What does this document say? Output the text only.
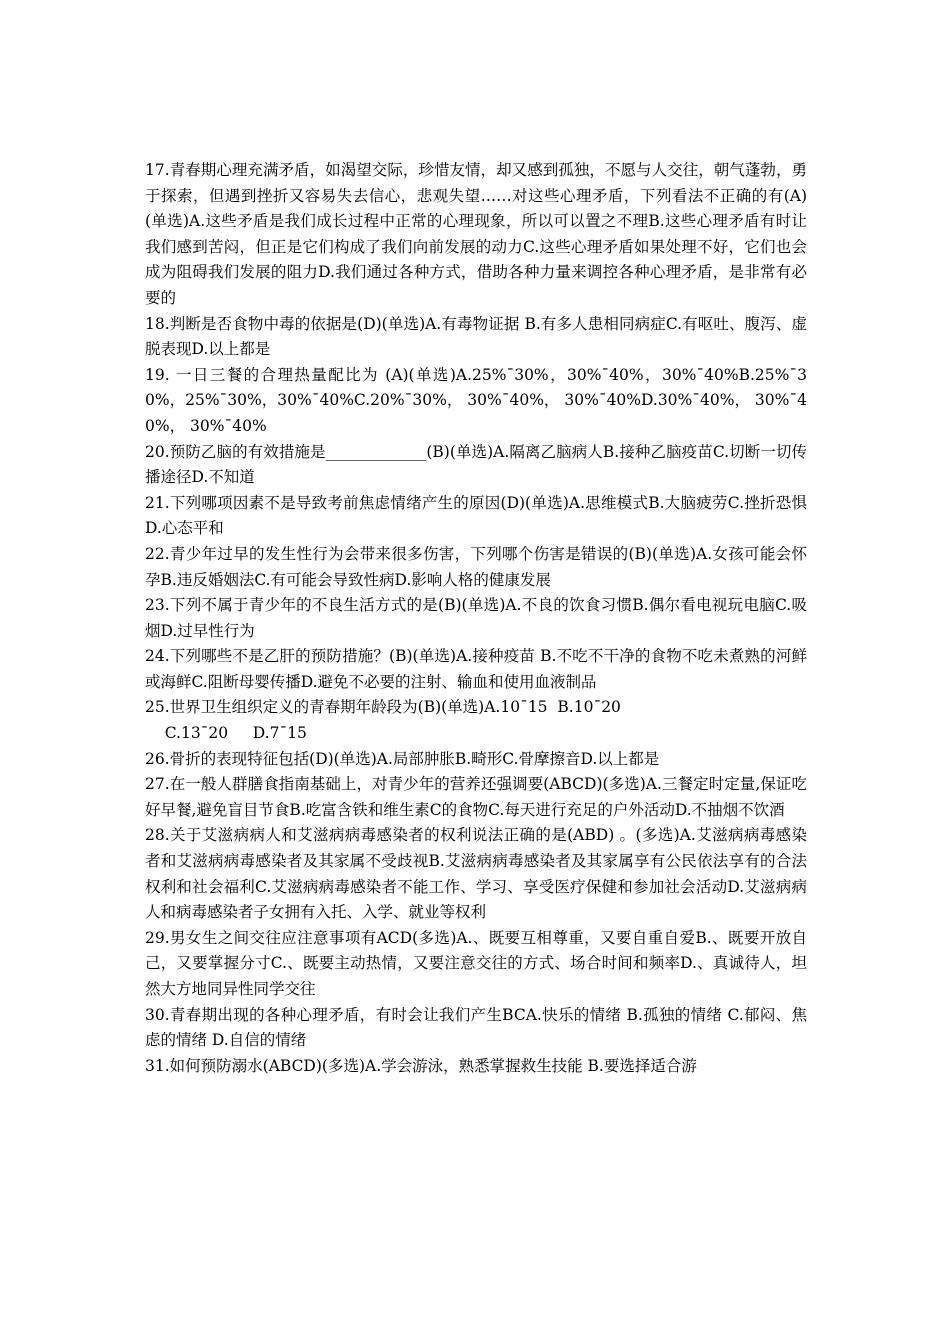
17.青春期心理充满矛盾，如渴望交际，珍惜友情，却又感到孤独，不愿与人交往，朝气蓬勃，勇于探索，但遇到挫折又容易失去信心，悲观失望……对这些心理矛盾，下列看法不正确的有(A)(单选)A.这些矛盾是我们成长过程中正常的心理现象，所以可以置之不理B.这些心理矛盾有时让我们感到苦闷，但正是它们构成了我们向前发展的动力C.这些心理矛盾如果处理不好，它们也会成为阻碍我们发展的阻力D.我们通过各种方式，借助各种力量来调控各种心理矛盾，是非常有必要的

18.判断是否食物中毒的依据是(D)(单选)A.有毒物证据 B.有多人患相同病症C.有呕吐、腹泻、虚脱表现D.以上都是

19. 一日三餐的合理热量配比为 (A)(单选)A.25%¯30%，30%¯40%，30%¯40%B.25%¯30%，25%¯30%，30%¯40%C.20%¯30%， 30%¯40%， 30%¯40%D.30%¯40%， 30%¯40%， 30%¯40%

20.预防乙脑的有效措施是_____________(B)(单选)A.隔离乙脑病人B.接种乙脑疫苗C.切断一切传播途径D.不知道

21.下列哪项因素不是导致考前焦虑情绪产生的原因(D)(单选)A.思维模式B.大脑疲劳C.挫折恐惧D.心态平和

22.青少年过早的发生性行为会带来很多伤害，下列哪个伤害是错误的(B)(单选)A.女孩可能会怀孕B.违反婚姻法C.有可能会导致性病D.影响人格的健康发展

23.下列不属于青少年的不良生活方式的是(B)(单选)A.不良的饮食习惯B.偶尔看电视玩电脑C.吸烟D.过早性行为

24.下列哪些不是乙肝的预防措施？(B)(单选)A.接种疫苗 B.不吃不干净的食物不吃未煮熟的河鲜或海鲜C.阻断母婴传播D.避免不必要的注射、输血和使用血液制品

25.世界卫生组织定义的青春期年龄段为(B)(单选)A.10¯15  B.10¯20
C.13¯20     D.7¯15

26.骨折的表现特征包括(D)(单选)A.局部肿胀B.畸形C.骨摩擦音D.以上都是

27.在一般人群膳食指南基础上，对青少年的营养还强调要(ABCD)(多选)A.三餐定时定量,保证吃好早餐,避免盲目节食B.吃富含铁和维生素C的食物C.每天进行充足的户外活动D.不抽烟不饮酒

28.关于艾滋病病人和艾滋病病毒感染者的权利说法正确的是(ABD) 。(多选)A.艾滋病病毒感染者和艾滋病病毒感染者及其家属不受歧视B.艾滋病病毒感染者及其家属享有公民依法享有的合法权利和社会福利C.艾滋病病毒感染者不能工作、学习、享受医疗保健和参加社会活动D.艾滋病病人和病毒感染者子女拥有入托、入学、就业等权利

29.男女生之间交往应注意事项有ACD(多选)A.、既要互相尊重，又要自重自爱B.、既要开放自己，又要掌握分寸C.、既要主动热情，又要注意交往的方式、场合时间和频率D.、真诚待人，坦然大方地同异性同学交往

30.青春期出现的各种心理矛盾，有时会让我们产生BCA.快乐的情绪 B.孤独的情绪 C.郁闷、焦虑的情绪 D.自信的情绪

31.如何预防溺水(ABCD)(多选)A.学会游泳，熟悉掌握救生技能 B.要选择适合游
